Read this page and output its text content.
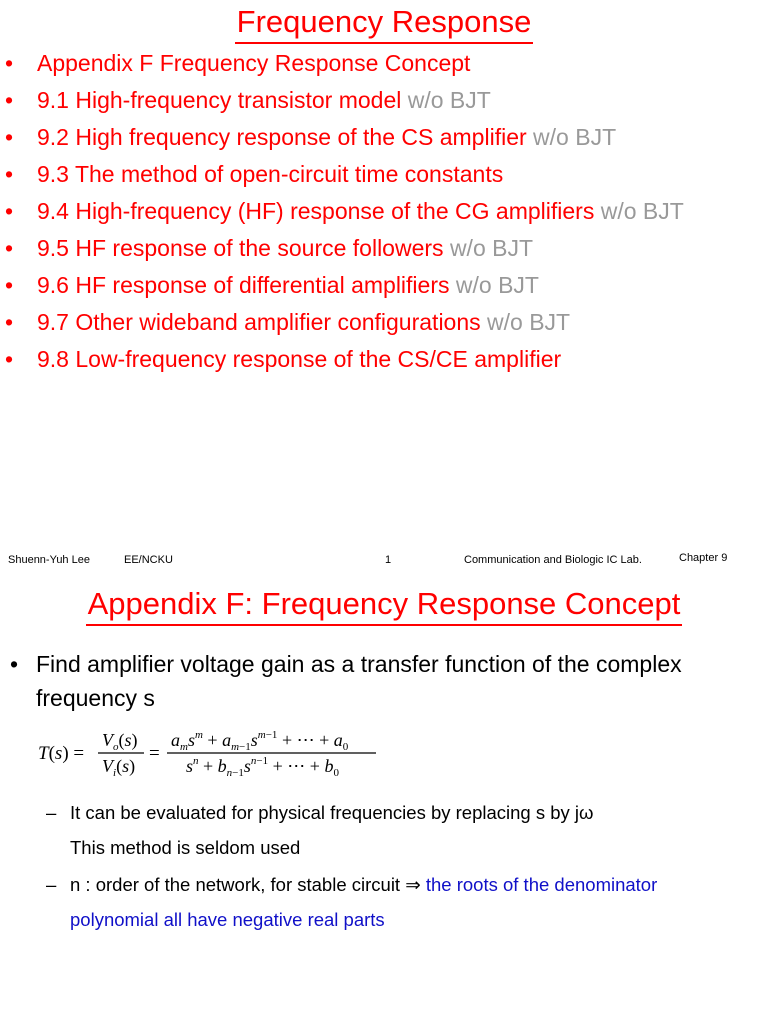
Frequency Response
• Appendix F Frequency Response Concept
• 9.1 High-frequency transistor model w/o BJT
• 9.2 High frequency response of the CS amplifier w/o BJT
• 9.3 The method of open-circuit time constants
• 9.4 High-frequency (HF) response of the CG amplifiers w/o BJT
• 9.5 HF response of the source followers w/o BJT
• 9.6 HF response of differential amplifiers w/o BJT
• 9.7 Other wideband amplifier configurations w/o BJT
• 9.8 Low-frequency response of the CS/CE amplifier
Shuenn-Yuh Lee	EE/NCKU	1	Communication and Biologic IC Lab.	Chapter 9
Appendix F: Frequency Response Concept
• Find amplifier voltage gain as a transfer function of the complex frequency s
T(s) =
$V_o(s)$
$V_i(s)$
=
$a_ms^m + a_m-1s^m-1$ + ⋯ + $a_0$
$s^n + b_n-1s^n-1$ + ⋯ + $b_0$
– It can be evaluated for physical frequencies by replacing s by jω
This method is seldom used
– n : order of the network, for stable circuit ⇒ the roots of the denominator
polynomial all have negative real parts
